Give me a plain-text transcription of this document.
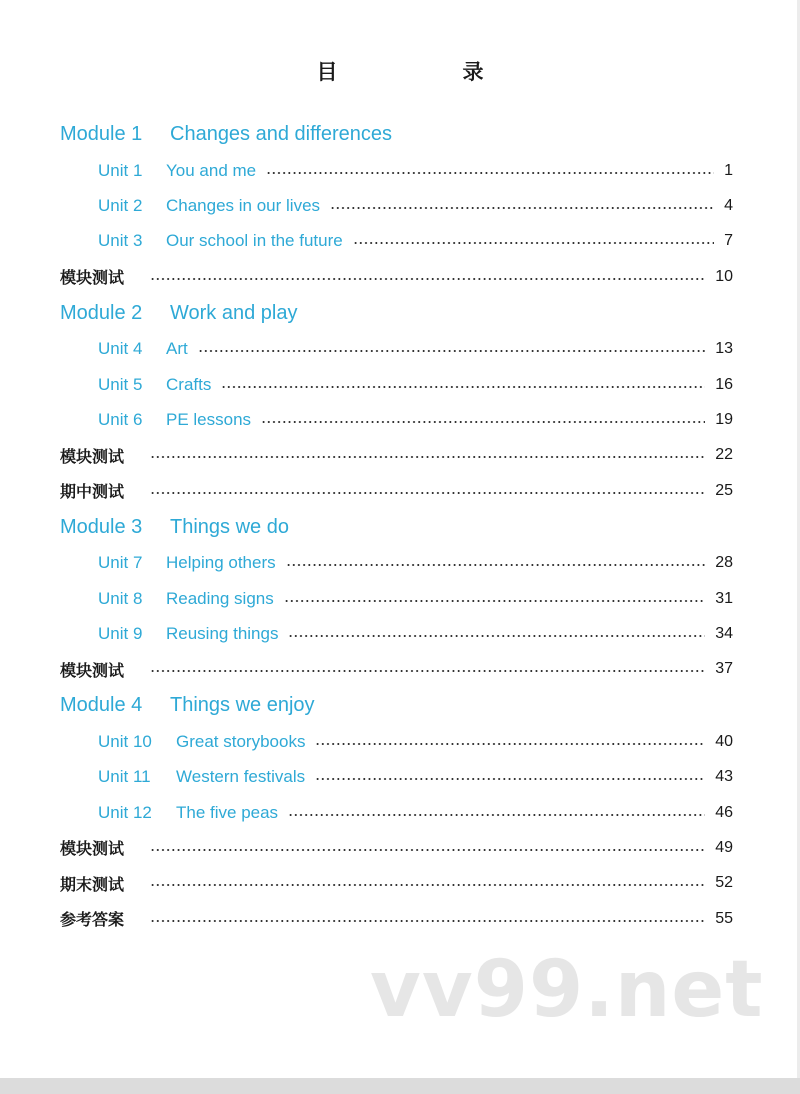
目　录
Module 1 Changes and differences
Unit 1 You and me	1
Unit 2 Changes in our lives	4
Unit 3 Our school in the future	7
模块测试	10
Module 2 Work and play
Unit 4 Art	13
Unit 5 Crafts	16
Unit 6 PE lessons	19
模块测试	22
期中测试	25
Module 3 Things we do
Unit 7 Helping others	28
Unit 8 Reading signs	31
Unit 9 Reusing things	34
模块测试	37
Module 4 Things we enjoy
Unit 10 Great storybooks	40
Unit 11 Western festivals	43
Unit 12 The five peas	46
模块测试	49
期末测试	52
参考答案	55
vv99.net
